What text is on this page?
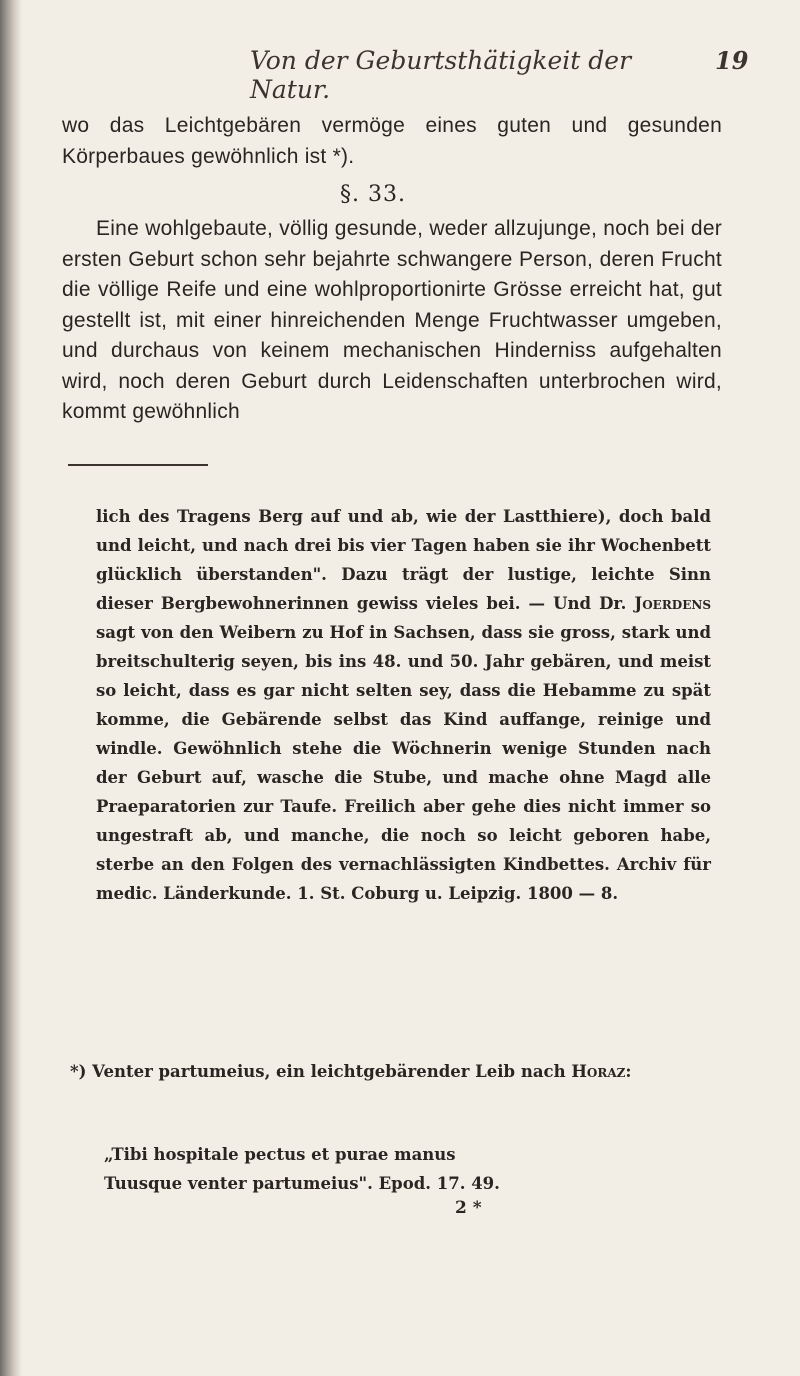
Von der Geburtsthätigkeit der Natur.
19

wo das Leichtgebären vermöge eines guten und gesunden Körperbaues gewöhnlich ist *).

§. 33.

Eine wohlgebaute, völlig gesunde, weder allzujunge, noch bei der ersten Geburt schon sehr bejahrte schwangere Person, deren Frucht die völlige Reife und eine wohlproportionirte Grösse erreicht hat, gut gestellt ist, mit einer hinreichenden Menge Fruchtwasser umgeben, und durchaus von keinem mechanischen Hinderniss aufgehalten wird, noch deren Geburt durch Leidenschaften unterbrochen wird, kommt gewöhnlich

lich des Tragens Berg auf und ab, wie der Lastthiere), doch bald und leicht, und nach drei bis vier Tagen haben sie ihr Wochenbett glücklich überstanden". Dazu trägt der lustige, leichte Sinn dieser Bergbewohnerinnen gewiss vieles bei. — Und Dr. Joerdens sagt von den Weibern zu Hof in Sachsen, dass sie gross, stark und breitschulterig seyen, bis ins 48. und 50. Jahr gebären, und meist so leicht, dass es gar nicht selten sey, dass die Hebamme zu spät komme, die Gebärende selbst das Kind auffange, reinige und windle. Gewöhnlich stehe die Wöchnerin wenige Stunden nach der Geburt auf, wasche die Stube, und mache ohne Magd alle Praeparatorien zur Taufe. Freilich aber gehe dies nicht immer so ungestraft ab, und manche, die noch so leicht geboren habe, sterbe an den Folgen des vernachlässigten Kindbettes. Archiv für medic. Länderkunde. 1. St. Coburg u. Leipzig. 1800 — 8.

*) Venter partumeius, ein leichtgebärender Leib nach Horaz:

„Tibi hospitale pectus et purae manus

Tuusque venter partumeius". Epod. 17. 49.

2 *
